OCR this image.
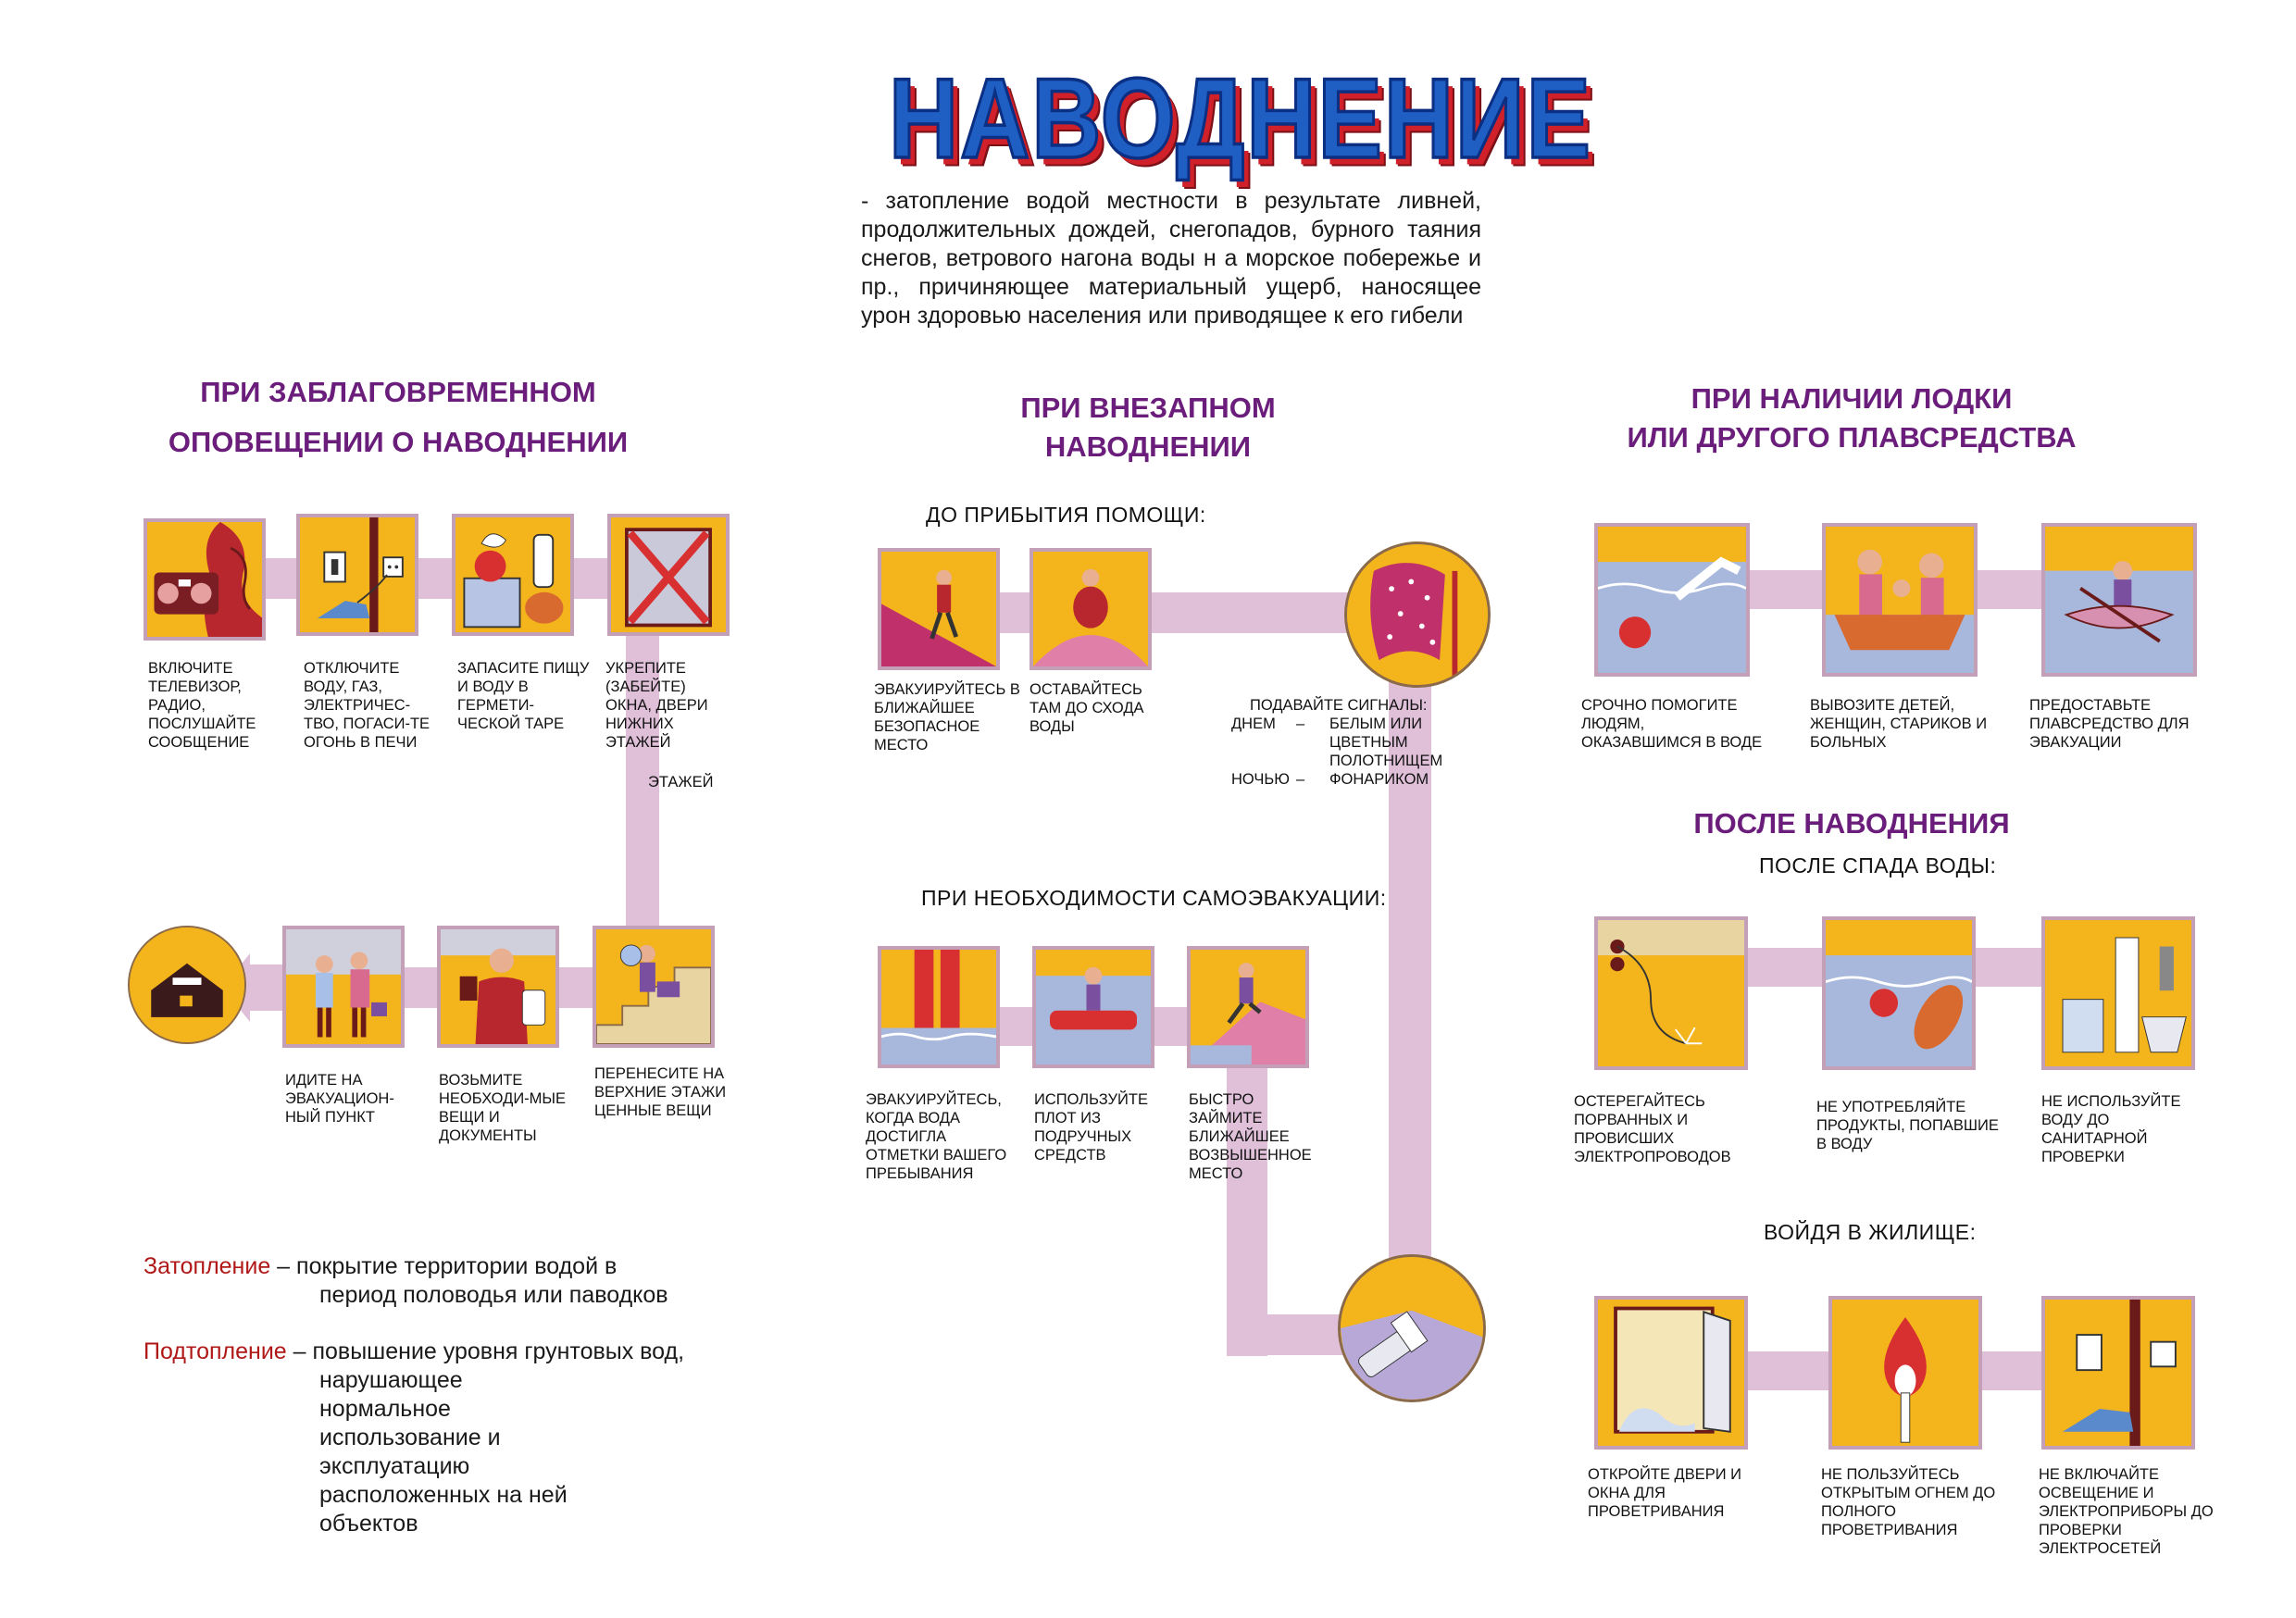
НАВОДНЕНИЕ
- затопление водой местности в результате ливней, продолжительных дождей, снегопадов, бурного таяния снегов, ветрового нагона воды н а морское побережье и пр., причиняющее материальный ущерб, наносящее урон здоровью населения или приводящее к его гибели
ПРИ ЗАБЛАГОВРЕМЕННОМ
ОПОВЕЩЕНИИ О НАВОДНЕНИИ
ВКЛЮЧИТЕ ТЕЛЕВИЗОР, РАДИО, ПОСЛУШАЙТЕ СООБЩЕНИЕ
ОТКЛЮЧИТЕ ВОДУ, ГАЗ, ЭЛЕКТРИЧЕС-ТВО, ПОГАСИ-ТЕ ОГОНЬ В ПЕЧИ
ЗАПАСИТЕ ПИЩУ И ВОДУ В ГЕРМЕТИ-ЧЕСКОЙ ТАРЕ
УКРЕПИТЕ (ЗАБЕЙТЕ) ОКНА, ДВЕРИ НИЖНИХ ЭТАЖЕЙ
ЭТАЖЕЙ
ИДИТЕ НА ЭВАКУАЦИОН-НЫЙ ПУНКТ
ВОЗЬМИТЕ НЕОБХОДИ-МЫЕ ВЕЩИ И ДОКУМЕНТЫ
ПЕРЕНЕСИТЕ НА ВЕРХНИЕ ЭТАЖИ ЦЕННЫЕ ВЕЩИ
Затопление – покрытие территории водой в
период половодья или паводков
Подтопление – повышение уровня грунтовых вод,
нарушающее нормальное использование и эксплуатацию расположенных на ней объектов
ПРИ ВНЕЗАПНОМ
НАВОДНЕНИИ
ДО ПРИБЫТИЯ ПОМОЩИ:
ЭВАКУИРУЙТЕСЬ В БЛИЖАЙШЕЕ БЕЗОПАСНОЕ МЕСТО
ОСТАВАЙТЕСЬ ТАМ ДО СХОДА ВОДЫ
ПОДАВАЙТЕ СИГНАЛЫ:
ДНЕМ	–	БЕЛЫМ ИЛИ ЦВЕТНЫМ ПОЛОТНИЩЕМ
НОЧЬЮ –	ФОНАРИКОМ
ПРИ НЕОБХОДИМОСТИ САМОЭВАКУАЦИИ:
ЭВАКУИРУЙТЕСЬ, КОГДА ВОДА ДОСТИГЛА ОТМЕТКИ ВАШЕГО ПРЕБЫВАНИЯ
ИСПОЛЬЗУЙТЕ ПЛОТ ИЗ ПОДРУЧНЫХ СРЕДСТВ
БЫСТРО ЗАЙМИТЕ БЛИЖАЙШЕЕ ВОЗВЫШЕННОЕ МЕСТО
ПРИ НАЛИЧИИ ЛОДКИ
ИЛИ ДРУГОГО ПЛАВСРЕДСТВА
СРОЧНО ПОМОГИТЕ ЛЮДЯМ, ОКАЗАВШИМСЯ В ВОДЕ
ВЫВОЗИТЕ ДЕТЕЙ, ЖЕНЩИН, СТАРИКОВ И БОЛЬНЫХ
ПРЕДОСТАВЬТЕ ПЛАВСРЕДСТВО ДЛЯ ЭВАКУАЦИИ
ПОСЛЕ НАВОДНЕНИЯ
ПОСЛЕ СПАДА ВОДЫ:
ОСТЕРЕГАЙТЕСЬ ПОРВАННЫХ И ПРОВИСШИХ ЭЛЕКТРОПРОВОДОВ
НЕ УПОТРЕБЛЯЙТЕ ПРОДУКТЫ, ПОПАВШИЕ В ВОДУ
НЕ ИСПОЛЬЗУЙТЕ ВОДУ ДО САНИТАРНОЙ ПРОВЕРКИ
ВОЙДЯ В ЖИЛИЩЕ:
ОТКРОЙТЕ ДВЕРИ И ОКНА ДЛЯ ПРОВЕТРИВАНИЯ
НЕ ПОЛЬЗУЙТЕСЬ ОТКРЫТЫМ ОГНЕМ ДО ПОЛНОГО ПРОВЕТРИВАНИЯ
НЕ ВКЛЮЧАЙТЕ ОСВЕЩЕНИЕ И ЭЛЕКТРОПРИБОРЫ ДО ПРОВЕРКИ ЭЛЕКТРОСЕТЕЙ
